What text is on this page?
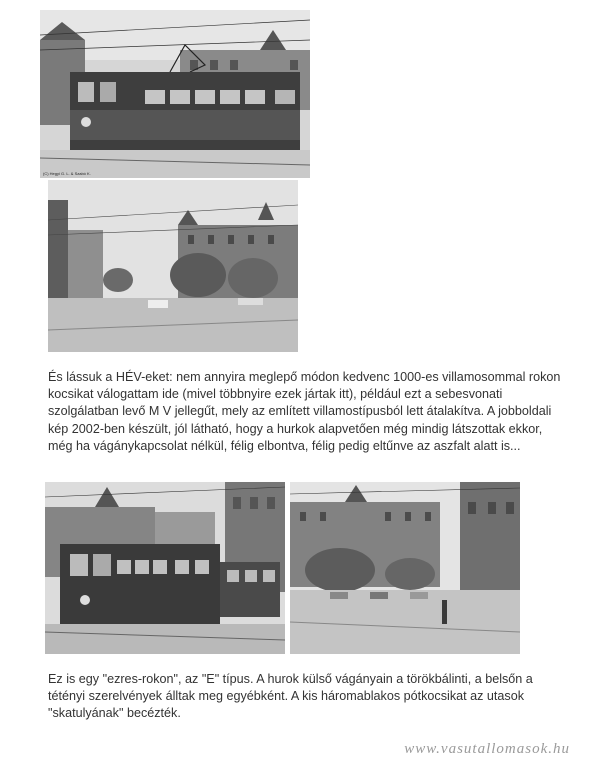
(C) Hegyi G. L. & Szabó K.

És lássuk a HÉV-eket: nem annyira meglepő módon kedvenc 1000-es villamosommal rokon kocsikat válogattam ide (mivel többnyire ezek jártak itt), például ezt a sebesvonati szolgálatban levő M V jellegűt, mely az említett villamostípusból lett átalakítva. A jobboldali kép 2002-ben készült, jól látható, hogy a hurkok alapvetően még mindig látszottak ekkor, még ha vágánykapcsolat nélkül, félig elbontva, félig pedig eltűnve az aszfalt alatt is...

Ez is egy "ezres-rokon", az "E" típus. A hurok külső vágányain a törökbálinti, a belsőn a tétényi szerelvények álltak meg egyébként. A kis háromablakos pótkocsikat az utasok "skatulyának" becézték.

www.vasutallomasok.hu
